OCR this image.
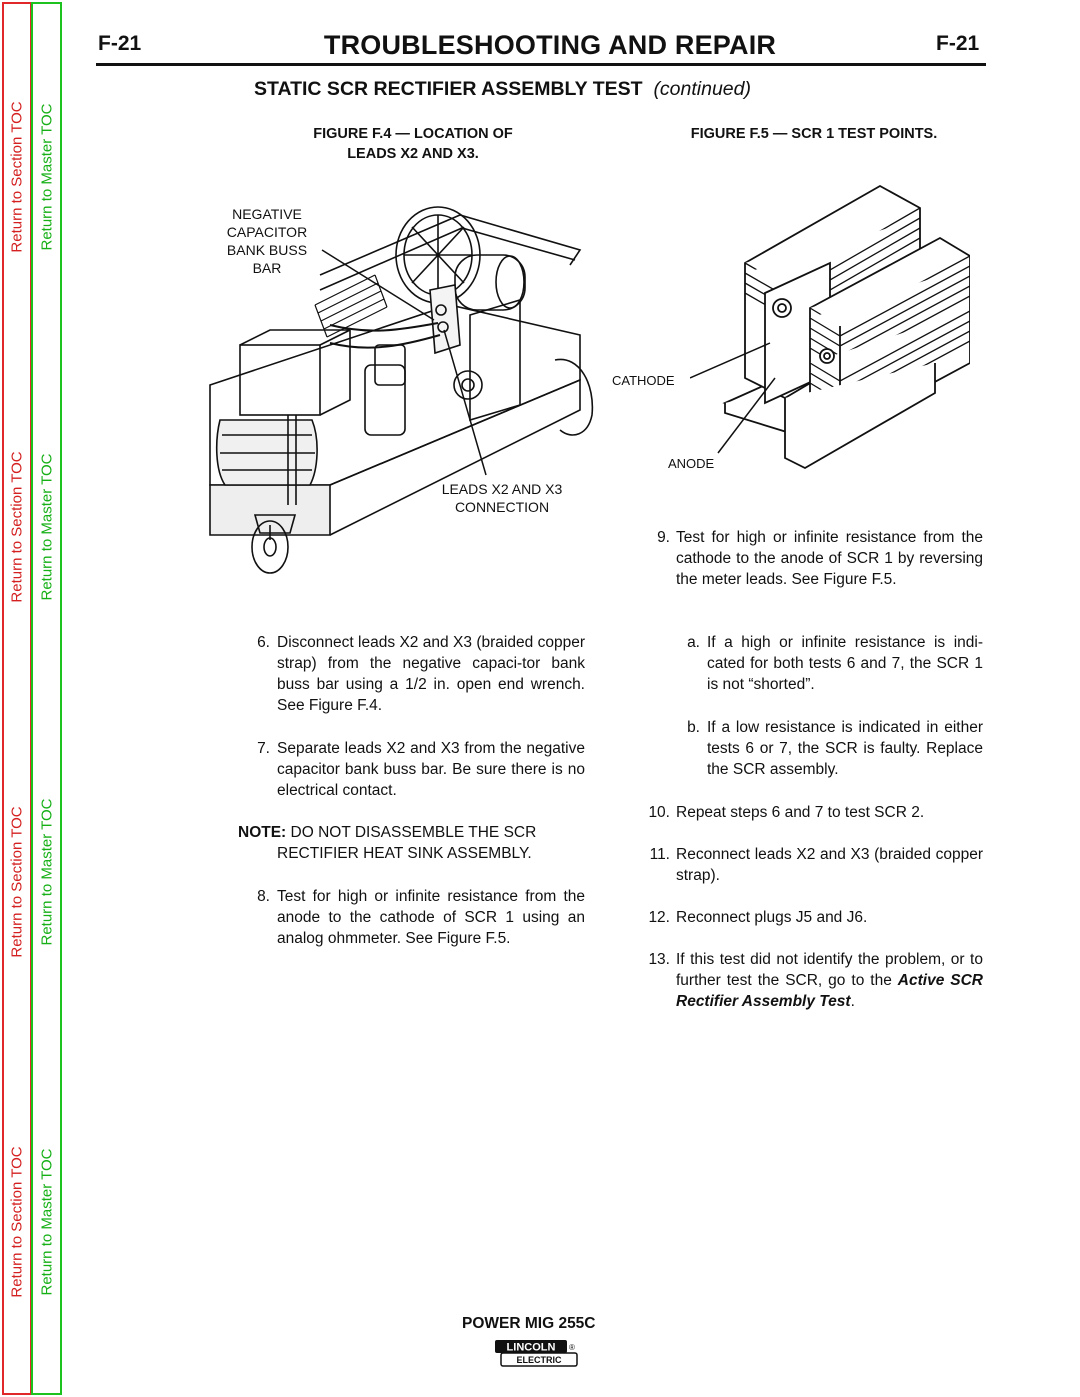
Return to Section TOC
Return to Section TOC
Return to Section TOC
Return to Section TOC
Return to Master TOC
Return to Master TOC
Return to Master TOC
Return to Master TOC
F-21	TROUBLESHOOTING AND REPAIR	F-21
STATIC SCR RECTIFIER ASSEMBLY TEST (continued)
FIGURE F.4 — LOCATION OF
LEADS X2 AND X3.
FIGURE F.5 — SCR 1 TEST POINTS.
NEGATIVE
CAPACITOR
BANK BUSS
BAR
LEADS X2 AND X3
CONNECTION
CATHODE
ANODE
Disconnect leads X2 and X3 (braided copper strap) from the negative capaci-tor bank buss bar using a 1/2 in. open end wrench. See Figure F.4.
6.
Separate leads X2 and X3 from the negative capacitor bank buss bar. Be sure there is no electrical contact.
7.
NOTE: DO NOT DISASSEMBLE THE SCR
RECTIFIER HEAT SINK ASSEMBLY.
Test for high or infinite resistance from the anode to the cathode of SCR 1 using an analog ohmmeter. See Figure F.5.
8.
Test for high or infinite resistance from the cathode to the anode of SCR 1 by reversing the meter leads. See Figure F.5.
9.
If a high or infinite resistance is indi-cated for both tests 6 and 7, the SCR 1 is not “shorted”.
a.
If a low resistance is indicated in either tests 6 or 7, the SCR is faulty. Replace the SCR assembly.
b.
Repeat steps 6 and 7 to test SCR 2.
10.
Reconnect leads X2 and X3 (braided copper strap).
11.
Reconnect plugs J5 and J6.
12.
If this test did not identify the problem, or to further test the SCR, go to the Active SCR Rectifier Assembly Test.
13.
POWER MIG 255C
LINCOLN
ELECTRIC
®
